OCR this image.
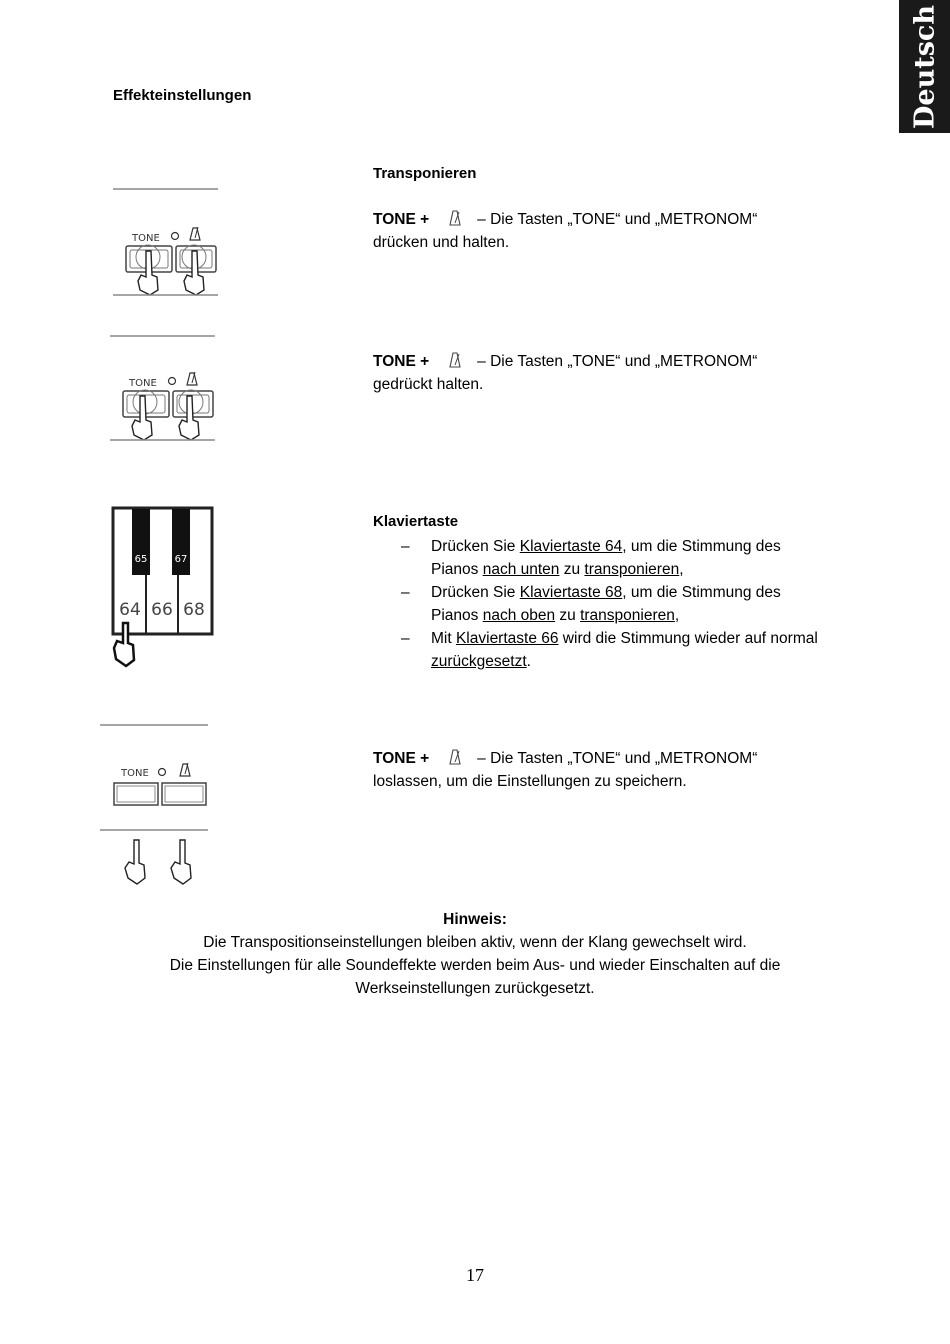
Deutsch
Effekteinstellungen
TONE
Transponieren
TONE +	– Die Tasten „TONE“ und „METRONOM“
drücken und halten.
TONE
TONE +	– Die Tasten „TONE“ und „METRONOM“
gedrückt halten.
65	67
64 66 68
Klaviertaste
– Drücken Sie Klaviertaste 64, um die Stimmung des
Pianos nach unten zu transponieren,
– Drücken Sie Klaviertaste 68, um die Stimmung des
Pianos nach oben zu transponieren,
– Mit Klaviertaste 66 wird die Stimmung wieder auf normal
zurückgesetzt.
TONE
TONE +	– Die Tasten „TONE“ und „METRONOM“
loslassen, um die Einstellungen zu speichern.
Hinweis:
Die Transpositionseinstellungen bleiben aktiv, wenn der Klang gewechselt wird.
Die Einstellungen für alle Soundeffekte werden beim Aus- und wieder Einschalten auf die
Werkseinstellungen zurückgesetzt.
17
